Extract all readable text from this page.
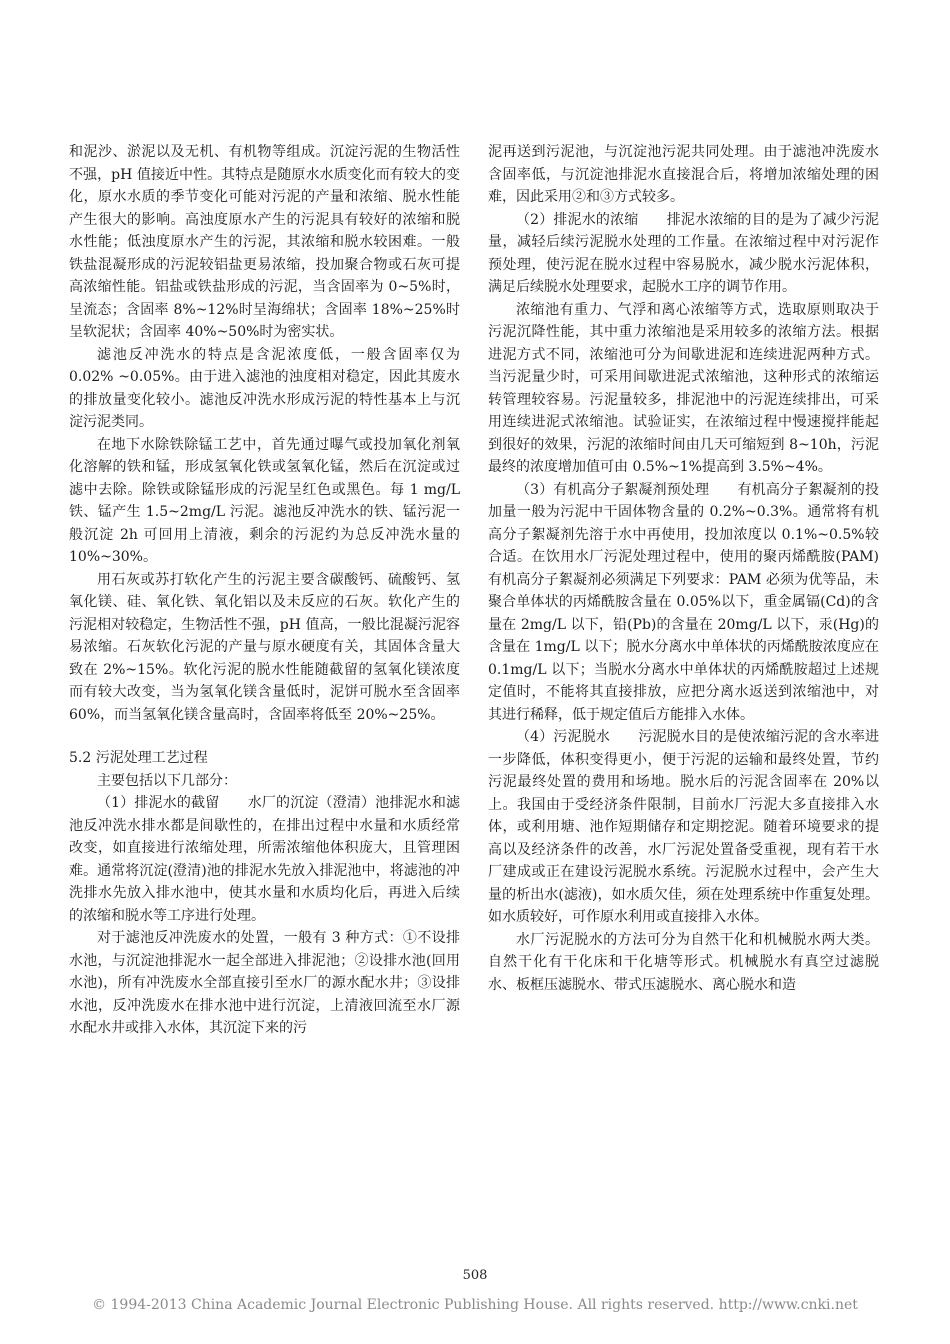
和泥沙、淤泥以及无机、有机物等组成。沉淀污泥的生物活性不强，pH 值接近中性。其特点是随原水水质变化而有较大的变化，原水水质的季节变化可能对污泥的产量和浓缩、脱水性能产生很大的影响。高浊度原水产生的污泥具有较好的浓缩和脱水性能；低浊度原水产生的污泥，其浓缩和脱水较困难。一般铁盐混凝形成的污泥较铝盐更易浓缩，投加聚合物或石灰可提高浓缩性能。铝盐或铁盐形成的污泥，当含固率为 0~5%时，呈流态；含固率 8%~12%时呈海绵状；含固率 18%~25%时呈软泥状；含固率 40%~50%时为密实状。

滤池反冲洗水的特点是含泥浓度低，一般含固率仅为 0.02% ~0.05%。由于进入滤池的浊度相对稳定，因此其废水的排放量变化较小。滤池反冲洗水形成污泥的特性基本上与沉淀污泥类同。

在地下水除铁除锰工艺中，首先通过曝气或投加氧化剂氧化溶解的铁和锰，形成氢氧化铁或氢氧化锰，然后在沉淀或过滤中去除。除铁或除锰形成的污泥呈红色或黑色。每 1 mg/L 铁、锰产生 1.5~2mg/L 污泥。滤池反冲洗水的铁、锰污泥一般沉淀 2h 可回用上清液，剩余的污泥约为总反冲洗水量的 10%~30%。

用石灰或苏打软化产生的污泥主要含碳酸钙、硫酸钙、氢氧化镁、硅、氧化铁、氧化铝以及未反应的石灰。软化产生的污泥相对较稳定，生物活性不强，pH 值高，一般比混凝污泥容易浓缩。石灰软化污泥的产量与原水硬度有关，其固体含量大致在 2%~15%。软化污泥的脱水性能随截留的氢氧化镁浓度而有较大改变，当为氢氧化镁含量低时，泥饼可脱水至含固率 60%，而当氢氧化镁含量高时，含固率将低至 20%~25%。

5.2 污泥处理工艺过程

主要包括以下几部分：

（1）排泥水的截留　　水厂的沉淀（澄清）池排泥水和滤池反冲洗水排水都是间歇性的，在排出过程中水量和水质经常改变，如直接进行浓缩处理，所需浓缩他体积庞大，且管理困难。通常将沉淀(澄清)池的排泥水先放入排泥池中，将滤池的冲洗排水先放入排水池中，使其水量和水质均化后，再进入后续的浓缩和脱水等工序进行处理。

对于滤池反冲洗废水的处置，一般有 3 种方式：①不设排水池，与沉淀池排泥水一起全部进入排泥池；②设排水池(回用水池)，所有冲洗废水全部直接引至水厂的源水配水井；③设排水池，反冲洗废水在排水池中进行沉淀，上清液回流至水厂源水配水井或排入水体，其沉淀下来的污

泥再送到污泥池，与沉淀池污泥共同处理。由于滤池冲洗废水含固率低，与沉淀池排泥水直接混合后，将增加浓缩处理的困难，因此采用②和③方式较多。

（2）排泥水的浓缩　　排泥水浓缩的目的是为了减少污泥量，减轻后续污泥脱水处理的工作量。在浓缩过程中对污泥作预处理，使污泥在脱水过程中容易脱水，减少脱水污泥体积，满足后续脱水处理要求，起脱水工序的调节作用。

浓缩池有重力、气浮和离心浓缩等方式，选取原则取决于污泥沉降性能，其中重力浓缩池是采用较多的浓缩方法。根据进泥方式不同，浓缩池可分为间歇进泥和连续进泥两种方式。当污泥量少时，可采用间歇进泥式浓缩池，这种形式的浓缩运转管理较容易。污泥量较多，排泥池中的污泥连续排出，可采用连续进泥式浓缩池。试验证实，在浓缩过程中慢速搅拌能起到很好的效果，污泥的浓缩时间由几天可缩短到 8~10h，污泥最终的浓度增加值可由 0.5%~1%提高到 3.5%~4%。

（3）有机高分子絮凝剂预处理　　有机高分子絮凝剂的投加量一般为污泥中干固体物含量的 0.2%~0.3%。通常将有机高分子絮凝剂先溶于水中再使用，投加浓度以 0.1%~0.5%较合适。在饮用水厂污泥处理过程中，使用的聚丙烯酰胺(PAM)有机高分子絮凝剂必须满足下列要求：PAM 必须为优等品，未聚合单体状的丙烯酰胺含量在 0.05%以下，重金属镉(Cd)的含量在 2mg/L 以下，铅(Pb)的含量在 20mg/L 以下，汞(Hg)的含量在 1mg/L 以下；脱水分离水中单体状的丙烯酰胺浓度应在 0.1mg/L 以下；当脱水分离水中单体状的丙烯酰胺超过上述规定值时，不能将其直接排放，应把分离水返送到浓缩池中，对其进行稀释，低于规定值后方能排入水体。

（4）污泥脱水　　污泥脱水目的是使浓缩污泥的含水率进一步降低，体积变得更小，便于污泥的运输和最终处置，节约污泥最终处置的费用和场地。脱水后的污泥含固率在 20%以上。我国由于受经济条件限制，目前水厂污泥大多直接排入水体，或利用塘、池作短期储存和定期挖泥。随着环境要求的提高以及经济条件的改善，水厂污泥处置备受重视，现有若干水厂建成或正在建设污泥脱水系统。污泥脱水过程中，会产生大量的析出水(滤液)，如水质欠佳，须在处理系统中作重复处理。如水质较好，可作原水利用或直接排入水体。

水厂污泥脱水的方法可分为自然干化和机械脱水两大类。自然干化有干化床和干化塘等形式。机械脱水有真空过滤脱水、板框压滤脱水、带式压滤脱水、离心脱水和造

508
© 1994-2013 China Academic Journal Electronic Publishing House. All rights reserved. http://www.cnki.net
